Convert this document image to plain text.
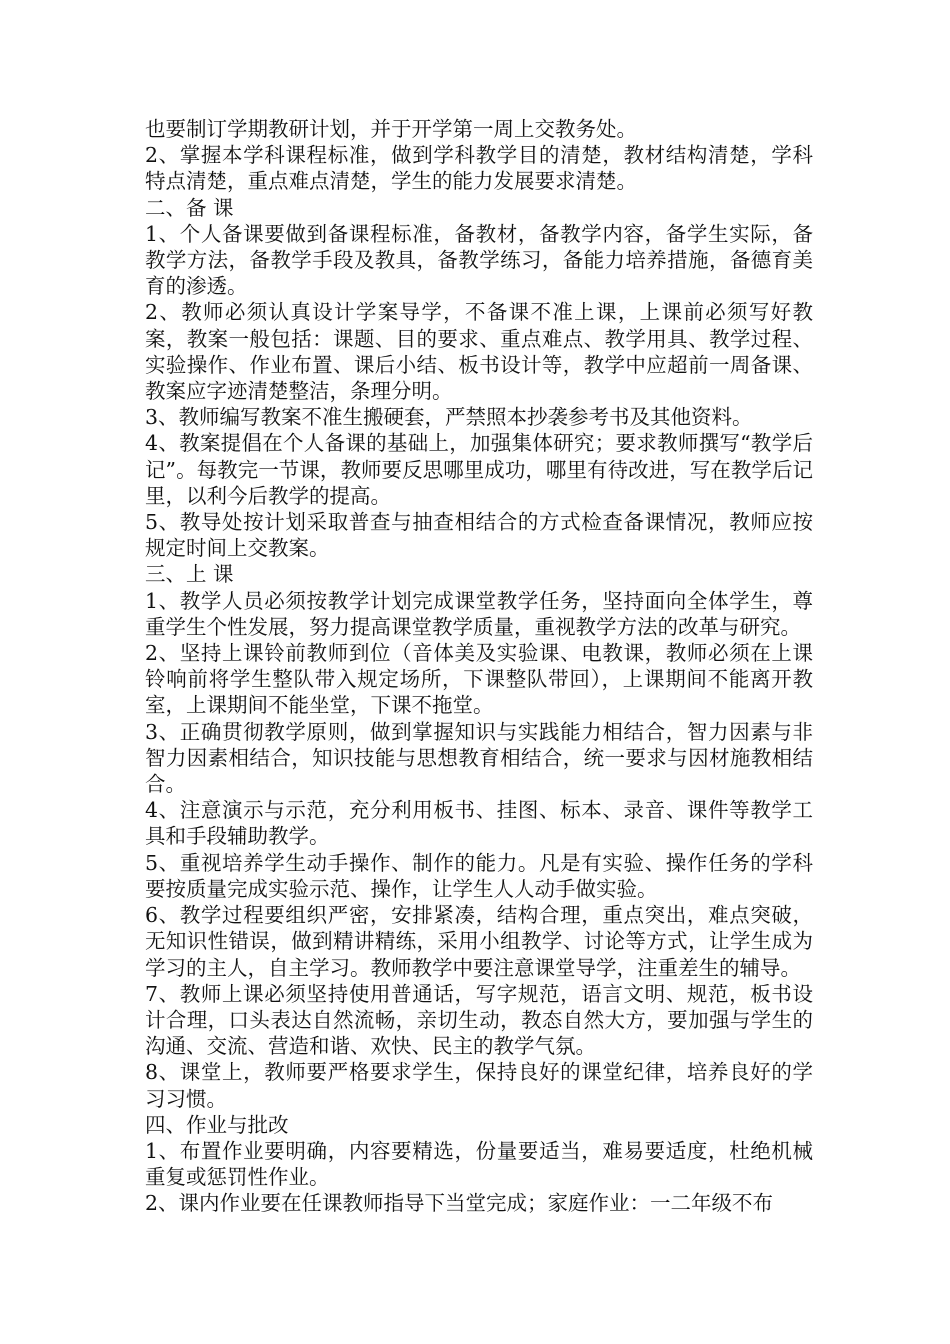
也要制订学期教研计划，并于开学第一周上交教务处。

2、掌握本学科课程标准，做到学科教学目的清楚，教材结构清楚，学科特点清楚，重点难点清楚，学生的能力发展要求清楚。

二、备 课

1、个人备课要做到备课程标准，备教材，备教学内容，备学生实际，备教学方法，备教学手段及教具，备教学练习，备能力培养措施，备德育美育的渗透。

2、教师必须认真设计学案导学，不备课不准上课，上课前必须写好教案，教案一般包括：课题、目的要求、重点难点、教学用具、教学过程、实验操作、作业布置、课后小结、板书设计等，教学中应超前一周备课、教案应字迹清楚整洁，条理分明。

3、教师编写教案不准生搬硬套，严禁照本抄袭参考书及其他资料。

4、教案提倡在个人备课的基础上，加强集体研究；要求教师撰写“教学后记”。每教完一节课，教师要反思哪里成功，哪里有待改进，写在教学后记里，以利今后教学的提高。

5、教导处按计划采取普查与抽查相结合的方式检查备课情况，教师应按规定时间上交教案。

三、上 课

1、教学人员必须按教学计划完成课堂教学任务，坚持面向全体学生，尊重学生个性发展，努力提高课堂教学质量，重视教学方法的改革与研究。

2、坚持上课铃前教师到位（音体美及实验课、电教课，教师必须在上课铃响前将学生整队带入规定场所，下课整队带回），上课期间不能离开教室，上课期间不能坐堂，下课不拖堂。

3、正确贯彻教学原则，做到掌握知识与实践能力相结合，智力因素与非智力因素相结合，知识技能与思想教育相结合，统一要求与因材施教相结合。

4、注意演示与示范，充分利用板书、挂图、标本、录音、课件等教学工具和手段辅助教学。

5、重视培养学生动手操作、制作的能力。凡是有实验、操作任务的学科要按质量完成实验示范、操作，让学生人人动手做实验。

6、教学过程要组织严密，安排紧凑，结构合理，重点突出，难点突破，无知识性错误，做到精讲精练，采用小组教学、讨论等方式，让学生成为学习的主人，自主学习。教师教学中要注意课堂导学，注重差生的辅导。

7、教师上课必须坚持使用普通话，写字规范，语言文明、规范，板书设计合理，口头表达自然流畅，亲切生动，教态自然大方，要加强与学生的沟通、交流、营造和谐、欢快、民主的教学气氛。

8、课堂上，教师要严格要求学生，保持良好的课堂纪律，培养良好的学习习惯。

四、作业与批改

1、布置作业要明确，内容要精选，份量要适当，难易要适度，杜绝机械重复或惩罚性作业。

2、课内作业要在任课教师指导下当堂完成；家庭作业：一二年级不布
